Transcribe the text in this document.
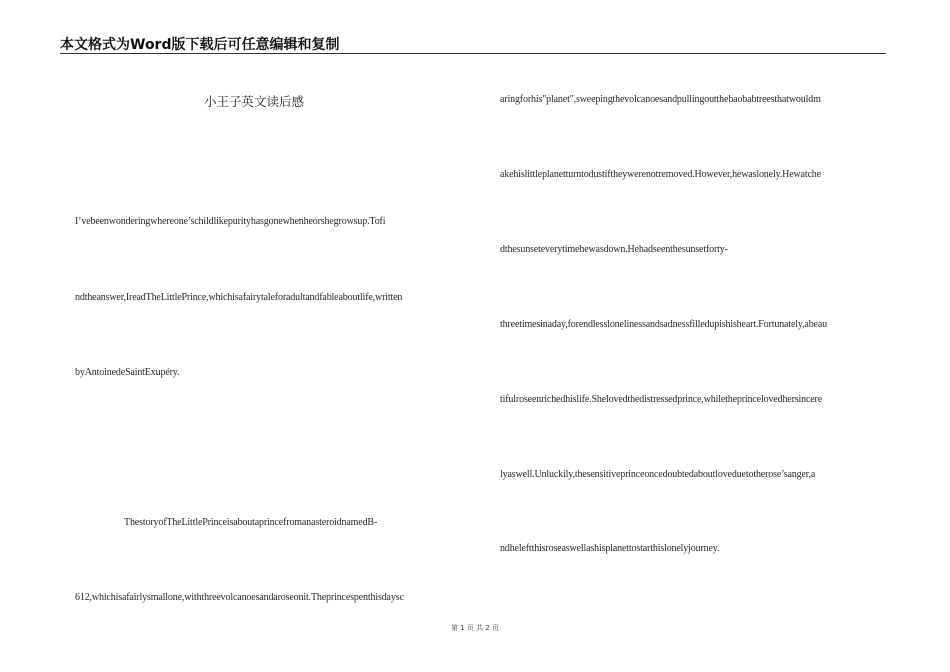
本文格式为Word版下载后可任意编辑和复制
小王子英文读后感
I’vebeenwonderingwhereone’schildlikepurityhasgonewhenheorshegrowsup.Tofi
ndtheanswer,IreadTheLittlePrince,whichisafairytaleforadultandfableaboutlife,written
byAntoinedeSaintExupéry.
ThestoryofTheLittlePrinceisaboutaprincefromanasteroidnamedB-
612,whichisafairlysmallone,withthreevolcanoesandaroseonit.Theprincespenthisdaysc
aringforhis"planet",sweepingthevolcanoesandpullingoutthebaobabtreesthatwouldm
akehislittleplanetturntodustiftheywerenotremoved.However,hewaslonely.Hewatche
dthesunseteverytimehewasdown.Hehadseenthesunsetforty-
threetimesinaday,forendlesslonelinessandsadnessfilledupishisheart.Fortunately,abeau
tifulroseenrichedhislife.Shelovedthedistressedprince,whiletheprincelovedhersincere
lyaswell.Unluckily,thesensitiveprinceoncedoubtedaboutloveduetotherose’sanger,a
ndheleftthisroseaswellashisplanettostarthislonelyjourney.
第 1 页 共 2 页
